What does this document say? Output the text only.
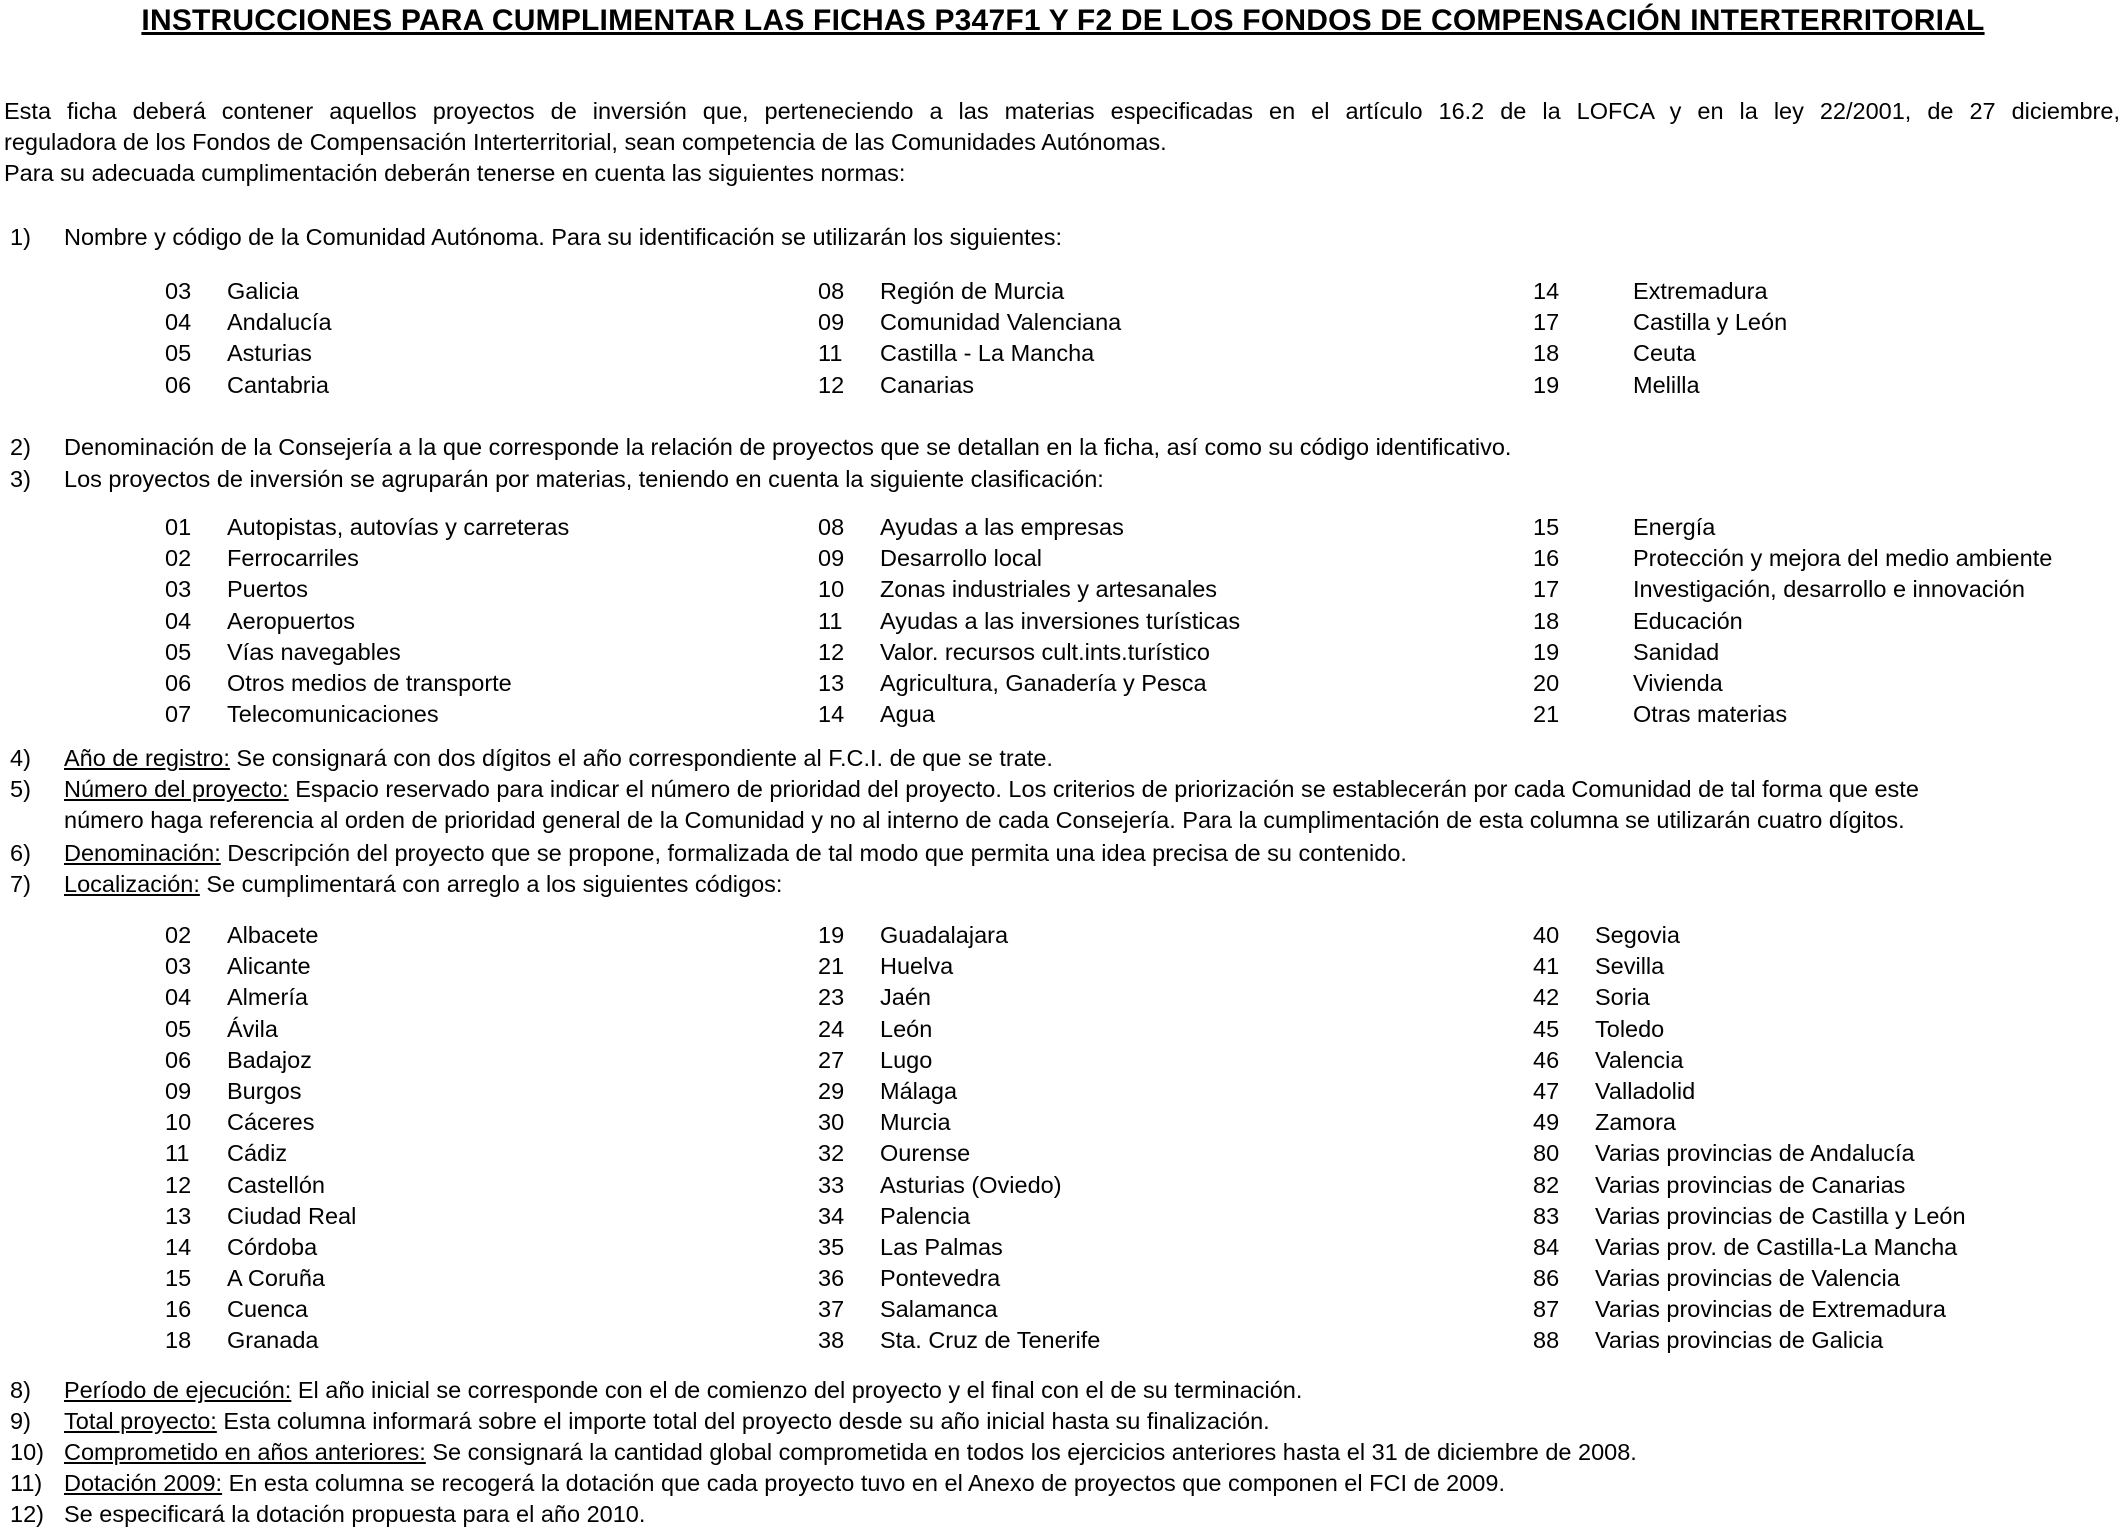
INSTRUCCIONES PARA CUMPLIMENTAR LAS FICHAS P347F1 Y F2 DE LOS FONDOS DE COMPENSACIÓN INTERTERRITORIAL
Esta ficha deberá contener aquellos proyectos de inversión que, perteneciendo a las materias especificadas en el artículo 16.2 de la LOFCA y en la ley 22/2001, de 27 diciembre,
reguladora de los Fondos de Compensación Interterritorial, sean competencia de las Comunidades Autónomas.
Para su adecuada cumplimentación deberán tenerse en cuenta las siguientes normas:
1)	Nombre y código de la Comunidad Autónoma. Para su identificación se utilizarán los siguientes:
03 Galicia	08 Región de Murcia	14	Extremadura
04 Andalucía	09 Comunidad Valenciana	17	Castilla y León
05 Asturias	11 Castilla - La Mancha	18	Ceuta
06 Cantabria	12 Canarias	19	Melilla
2)	Denominación de la Consejería a la que corresponde la relación de proyectos que se detallan en la ficha, así como su código identificativo.
3)	Los proyectos de inversión se agruparán por materias, teniendo en cuenta la siguiente clasificación:
01 Autopistas, autovías y carreteras	08 Ayudas a las empresas	15	Energía
02 Ferrocarriles	09 Desarrollo local	16	Protección y mejora del medio ambiente
03 Puertos	10 Zonas industriales y artesanales	17	Investigación, desarrollo e innovación
04 Aeropuertos	11 Ayudas a las inversiones turísticas	18	Educación
05 Vías navegables	12 Valor. recursos cult.ints.turístico	19	Sanidad
06 Otros medios de transporte	13 Agricultura, Ganadería y Pesca	20	Vivienda
07 Telecomunicaciones	14 Agua	21	Otras materias
4)	Año de registro: Se consignará con dos dígitos el año correspondiente al F.C.I. de que se trate.
5) Número del proyecto: Espacio reservado para indicar el número de prioridad del proyecto. Los criterios de priorización se establecerán por cada Comunidad de tal forma que este
número haga referencia al orden de prioridad general de la Comunidad y no al interno de cada Consejería. Para la cumplimentación de esta columna se utilizarán cuatro dígitos.
6)	Denominación: Descripción del proyecto que se propone, formalizada de tal modo que permita una idea precisa de su contenido.
7)	Localización: Se cumplimentará con arreglo a los siguientes códigos:
02 Albacete	19 Guadalajara	40 Segovia
03 Alicante	21 Huelva	41 Sevilla
04 Almería	23 Jaén	42 Soria
05 Ávila	24 León	45 Toledo
06 Badajoz	27 Lugo	46 Valencia
09 Burgos	29 Málaga	47 Valladolid
10 Cáceres	30 Murcia	49 Zamora
11 Cádiz	32 Ourense	80 Varias provincias de Andalucía
12 Castellón	33 Asturias (Oviedo)	82 Varias provincias de Canarias
13 Ciudad Real	34 Palencia	83 Varias provincias de Castilla y León
14 Córdoba	35 Las Palmas	84 Varias prov. de Castilla-La Mancha
15 A Coruña	36 Pontevedra	86 Varias provincias de Valencia
16 Cuenca	37 Salamanca	87 Varias provincias de Extremadura
18 Granada	38 Sta. Cruz de Tenerife	88 Varias provincias de Galicia
8)	Período de ejecución: El año inicial se corresponde con el de comienzo del proyecto y el final con el de su terminación.
9)	Total proyecto: Esta columna informará sobre el importe total del proyecto desde su año inicial hasta su finalización.
10) Comprometido en años anteriores: Se consignará la cantidad global comprometida en todos los ejercicios anteriores hasta el 31 de diciembre de 2008.
11) Dotación 2009: En esta columna se recogerá la dotación que cada proyecto tuvo en el Anexo de proyectos que componen el FCI de 2009.
12) Se especificará la dotación propuesta para el año 2010.
